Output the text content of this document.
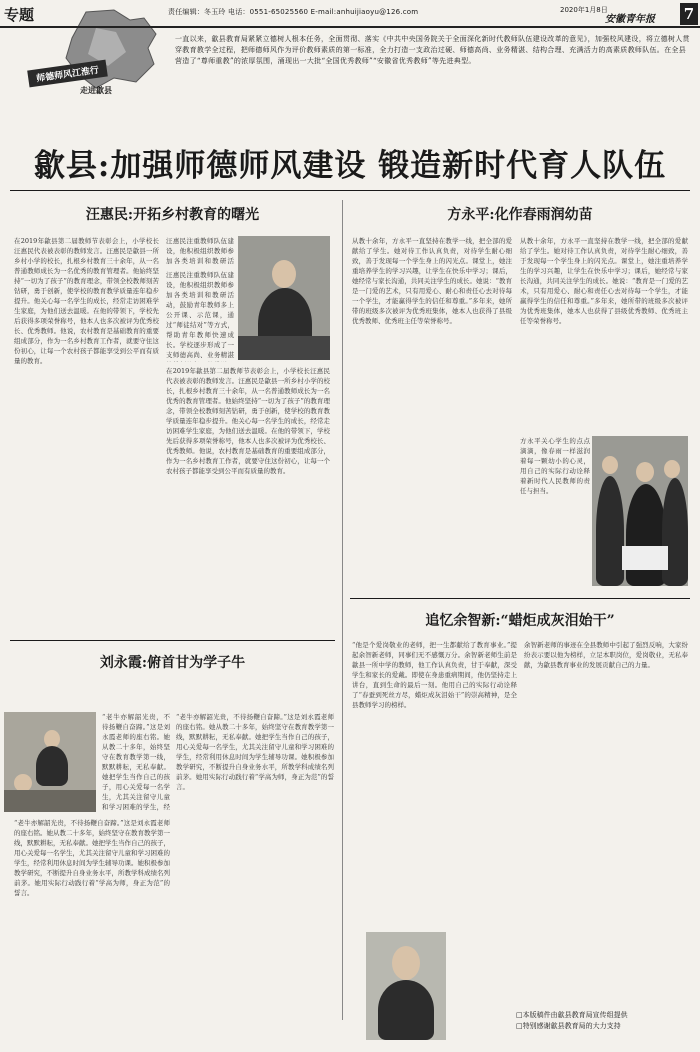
专题
师德师风江淮行
走进歙县
责任编辑：冬玉玲 电话：0551-65025560 E-mail:anhuijiaoyu@126.com	2020年1月8日
安徽青年报 7
一直以来，歙县教育局紧紧立德树人根本任务，全面贯彻、落实《中共中央国务院关于全面深化新时代教师队伍建设改革的意见》，加强校风建设，将立德树人贯穿教育教学全过程，把师德师风作为评价教师素质的第一标准，全力打造一支政治过硬、师德高尚、业务精湛、结构合理、充满活力的高素质教师队伍。在全县营造了“尊师重教”的浓厚氛围，涌现出一大批“全国优秀教师”“安徽省优秀教师”等先进典型。
歙县:加强师德师风建设 锻造新时代育人队伍
汪惠民:开拓乡村教育的曙光
在2019年歙县第二届教师节表彰会上，小学校长汪惠民代表被表彰的教师发言。汪惠民是歙县一所乡村小学的校长，扎根乡村教育三十余年，从一名普通教师成长为一名优秀的教育管理者。他始终坚持“一切为了孩子”的教育理念，带领全校教师刻苦钻研，勇于创新，使学校的教育教学质量连年稳步提升。他关心每一名学生的成长，经常走访困难学生家庭，为他们送去温暖。在他的带领下，学校先后获得多项荣誉称号，他本人也多次被评为优秀校长、优秀教师。他说，农村教育是基础教育的重要组成部分，作为一名乡村教育工作者，就要守住这份初心，让每一个农村孩子都能享受到公平而有质量的教育。
汪惠民注重教师队伍建设，他积极组织教师参加各类培训和教研活
汪惠民注重教师队伍建设，他积极组织教师参加各类培训和教研活动，鼓励青年教师多上公开课、示范课，通过“师徒结对”等方式，帮助青年教师快速成长。学校逐步形成了一支师德高尚、业务精湛
在2019年歙县第二届教师节表彰会上，小学校长汪惠民代表被表彰的教师发言。汪惠民是歙县一所乡村小学的校长，扎根乡村教育三十余年，从一名普通教师成长为一名优秀的教育管理者。他始终坚持“一切为了孩子”的教育理念，带领全校教师刻苦钻研，勇于创新，使学校的教育教学质量连年稳步提升。他关心每一名学生的成长，经常走访困难学生家庭，为他们送去温暖。在他的带领下，学校先后获得多项荣誉称号，他本人也多次被评为优秀校长、优秀教师。他说，农村教育是基础教育的重要组成部分，作为一名乡村教育工作者，就要守住这份初心，让每一个农村孩子都能享受到公平而有质量的教育。
方永平:化作春雨润幼苗
从教十余年，方永平一直坚持在教学一线，把全部的爱献给了学生。她对待工作认真负责，对待学生耐心细致，善于发现每一个学生身上的闪光点。课堂上，她注重培养学生的学习兴趣，让学生在快乐中学习；课后，她经常与家长沟通，共同关注学生的成长。她说：“教育是一门爱的艺术，只有用爱心、耐心和责任心去对待每一个学生，才能赢得学生的信任和尊重。”多年来，她所带的班级多次被评为优秀班集体，她本人也获得了县级优秀教师、优秀班主任等荣誉称号。
从教十余年，方永平一直坚持在教学一线，把全部的爱献给了学生。她对待工作认真负责，对待学生耐心细致，善于发现每一个学生身上的闪光点。课堂上，她注重培养学生的学习兴趣，让学生在快乐中学习；课后，她经常与家长沟通，共同关注学生的成长。她说：“教育是一门爱的艺术，只有用爱心、耐心和责任心去对待每一个学生，才能赢得学生的信任和尊重。”多年来，她所带的班级多次被评为优秀班集体，她本人也获得了县级优秀教师、优秀班主任等荣誉称号。
方永平关心学生的点点滴滴，像春雨一样滋润着每一颗幼小的心灵，用自己的实际行动诠释着新时代人民教师的责任与担当。
追忆余智新:“蜡炬成灰泪始干”
“他是个爱岗敬业的老师，把一生都献给了教育事业。”提起余智新老师，同事们无不感慨万分。余智新老师生前是歙县一所中学的教师，他工作认真负责，甘于奉献，深受学生和家长的爱戴。即使在身患重病期间，他仍坚持走上讲台，直到生命的最后一刻。他用自己的实际行动诠释了“春蚕到死丝方尽，蜡炬成灰泪始干”的崇高精神，是全县教师学习的榜样。
余智新老师的事迹在全县教师中引起了强烈反响，大家纷纷表示要以他为榜样，立足本职岗位，爱岗敬业，无私奉献，为歙县教育事业的发展贡献自己的力量。
刘永霞:俯首甘为学子牛
“老牛亦解韶光贵，不待扬鞭自奋蹄。”这是刘永霞老师的座右铭。她从教二十多年，始终坚守在教育教学第一线，默默耕耘，无私奉献。她把学生当作自己的孩子，用心关爱每一名学生，尤其关注留守儿童和学习困难的学生，经
“老牛亦解韶光贵，不待扬鞭自奋蹄。”这是刘永霞老师的座右铭。她从教二十多年，始终坚守在教育教学第一线，默默耕耘，无私奉献。她把学生当作自己的孩子，用心关爱每一名学生，尤其关注留守儿童和学习困难的学生，经常利用休息时间为学生辅导功课。她积极参加教学研究，不断提升自身业务水平，所教学科成绩名列前茅。她用实际行动践行着“学高为师，身正为范”的誓言。
“老牛亦解韶光贵，不待扬鞭自奋蹄。”这是刘永霞老师的座右铭。她从教二十多年，始终坚守在教育教学第一线，默默耕耘，无私奉献。她把学生当作自己的孩子，用心关爱每一名学生，尤其关注留守儿童和学习困难的学生，经常利用休息时间为学生辅导功课。她积极参加教学研究，不断提升自身业务水平，所教学科成绩名列前茅。她用实际行动践行着“学高为师，身正为范”的誓言。
□本版稿件由歙县教育局宣传组提供
□特别感谢歙县教育局的大力支持
